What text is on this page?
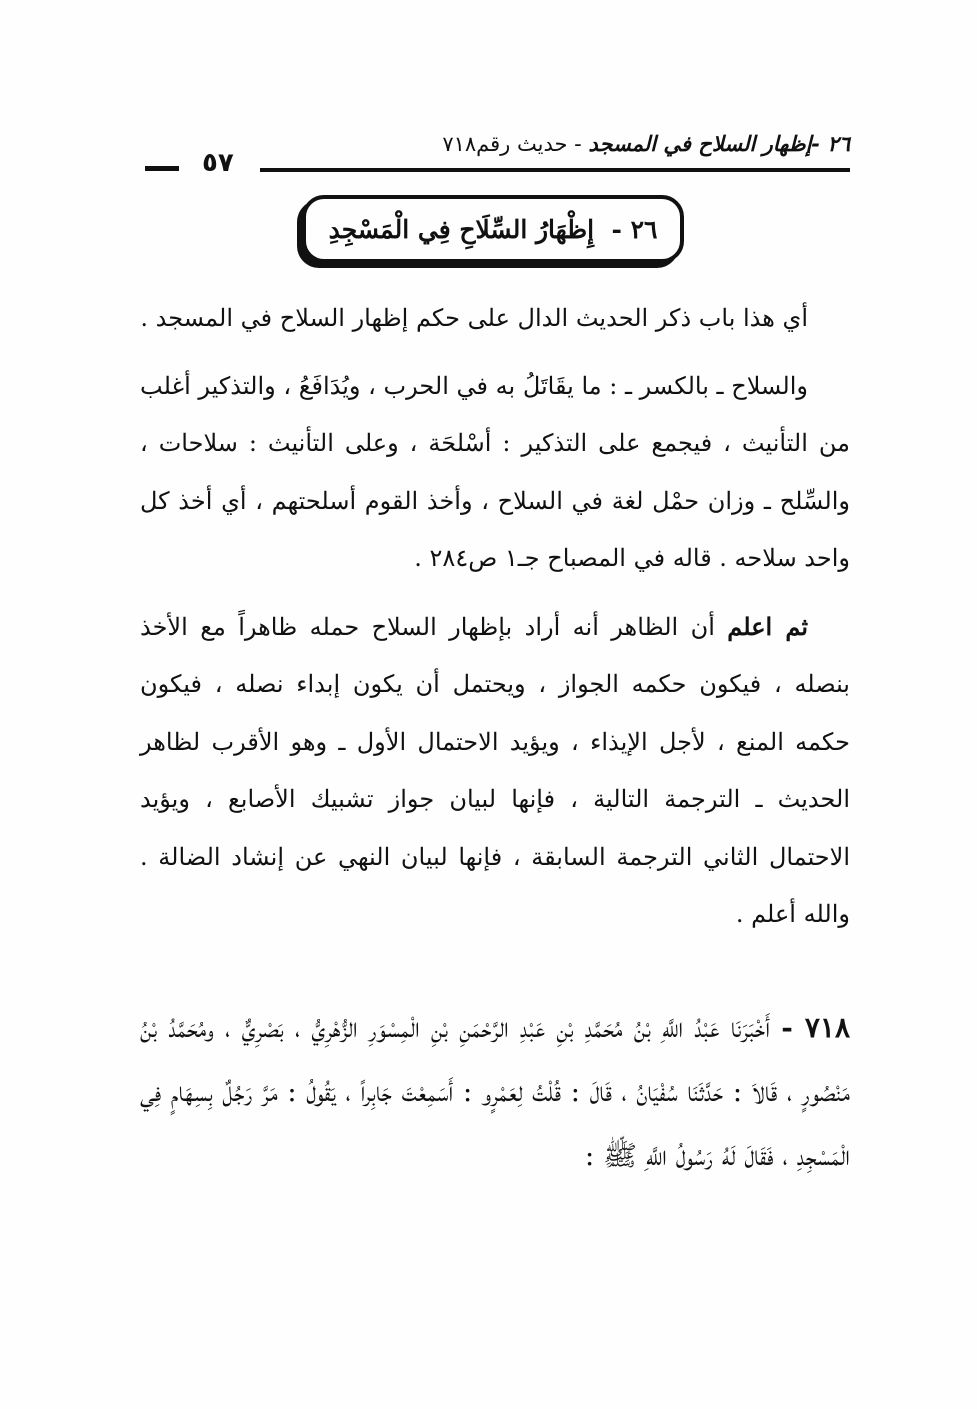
٢٦ -إظهار السلاح في المسجد - حديث رقم٧١٨
٥٧
٢٦ -

إِظْهَارُ السِّلَاحِ فِي الْمَسْجِدِ

أي هذا باب ذكر الحديث الدال على حكم إظهار السلاح في المسجد .

والسلاح ـ بالكسر ـ : ما يقَاتَلُ به في الحرب ، ويُدَافَعُ ، والتذكير أغلب من التأنيث ، فيجمع على التذكير : أسْلحَة ، وعلى التأنيث : سلاحات ، والسِّلح ـ وزان حمْل لغة في السلاح ، وأخذ القوم أسلحتهم ، أي أخذ كل واحد سلاحه . قاله في المصباح جـ١ ص٢٨٤ .

ثم اعلم أن الظاهر أنه أراد بإظهار السلاح حمله ظاهراً مع الأخذ بنصله ، فيكون حكمه الجواز ، ويحتمل أن يكون إبداء نصله ، فيكون حكمه المنع ، لأجل الإيذاء ، ويؤيد الاحتمال الأول ـ وهو الأقرب لظاهر الحديث ـ الترجمة التالية ، فإنها لبيان جواز تشبيك الأصابع ، ويؤيد الاحتمال الثاني الترجمة السابقة ، فإنها لبيان النهي عن إنشاد الضالة . والله أعلم .

٧١٨ - أَخْبَرَنَا عَبْدُ اللَّهِ بْنُ مُحَمَّدِ بْنِ عَبْدِ الرَّحْمَنِ بْنِ الْمِسْوَرِ الزُّهْرِيُّ ، بَصْرِيٌّ ، ومُحَمَّدُ بْنُ مَنْصُورٍ ، قَالاَ : حَدَّثَنَا سُفْيَانُ ، قَالَ : قُلْتُ لِعَمْرٍو : أَسَمِعْتَ جَابِراً ، يَقُولُ : مَرَّ رَجُلٌ بِسِهَامٍ فِي الْمَسْجِدِ ، فَقَالَ لَهُ رَسُولُ اللَّهِ ﷺ :
